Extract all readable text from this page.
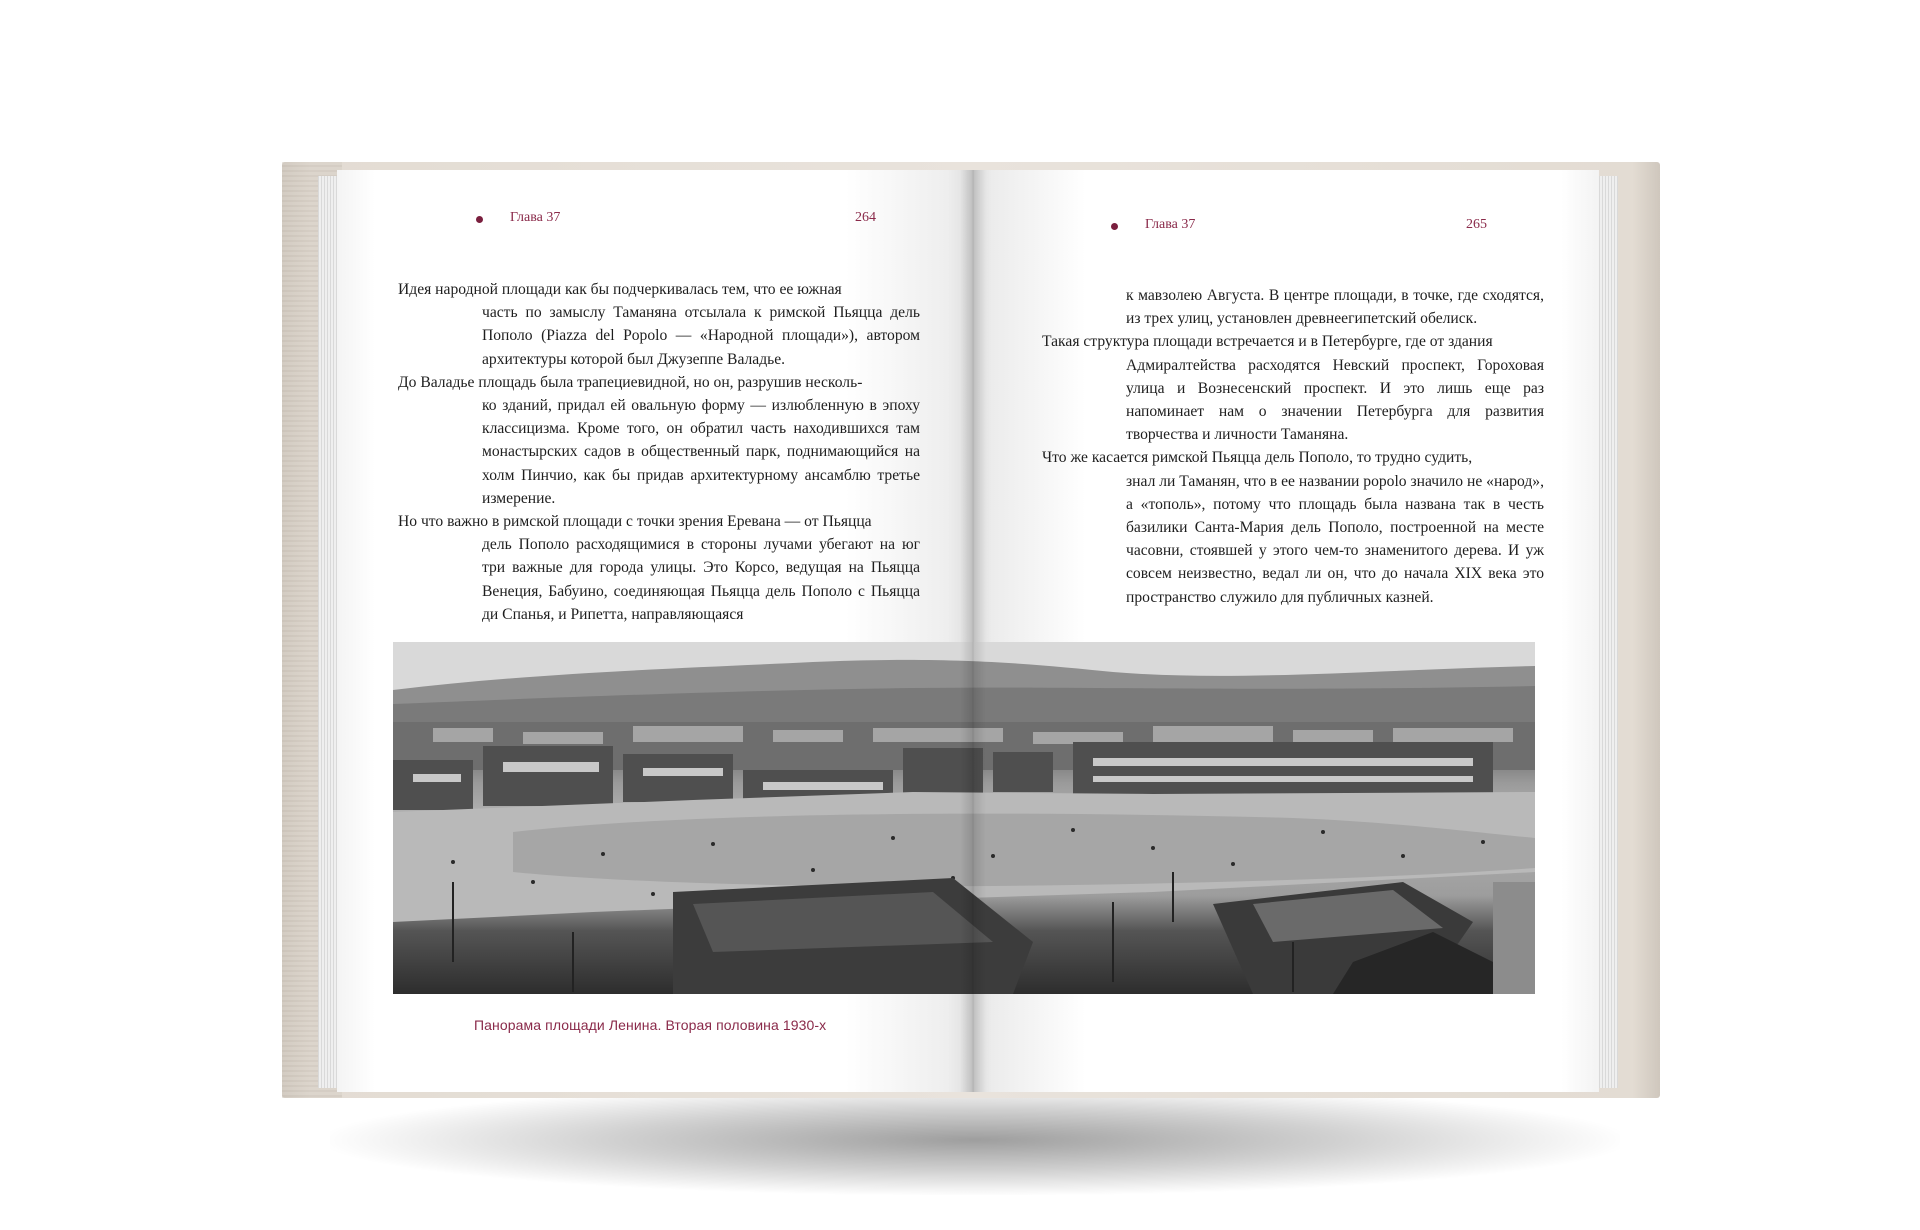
Глава 37	264	Глава 37	265

Идея народной площади как бы подчеркивалась тем, что ее южная

часть по замыслу Таманяна отсылала к римской Пьяцца дель Пополо (Piazza del Popolo — «Народной площади»), автором архитектуры которой был Джузеппе Валадье.

До Валадье площадь была трапециевидной, но он, разрушив несколь-

ко зданий, придал ей овальную форму — излюбленную в эпоху классицизма. Кроме того, он обратил часть находившихся там монастырских садов в общественный парк, поднимающийся на холм Пинчио, как бы придав архитектурному ансамблю третье измерение.

Но что важно в римской площади с точки зрения Еревана — от Пьяцца

дель Пополо расходящимися в стороны лучами убегают на юг три важные для города улицы. Это Корсо, ведущая на Пьяцца Венеция, Бабуино, соединяющая Пьяцца дель Пополо с Пьяцца ди Спанья, и Рипетта, направляющаяся

к мавзолею Августа. В центре площади, в точке, где сходятся, из трех улиц, установлен древнеегипетский обелиск.

Такая структура площади встречается и в Петербурге, где от здания

Адмиралтейства расходятся Невский проспект, Гороховая улица и Вознесенский проспект. И это лишь еще раз напоминает нам о значении Петербурга для развития творчества и личности Таманяна.

Что же касается римской Пьяцца дель Пополо, то трудно судить,

знал ли Таманян, что в ее названии popolo значило не «народ», а «тополь», потому что площадь была названа так в честь базилики Санта-Мария дель Пополо, построенной на месте часовни, стоявшей у этого чем-то знаменитого дерева. И уж совсем неизвестно, ведал ли он, что до начала XIX века это пространство служило для публичных казней.

Панорама площади Ленина. Вторая половина 1930-х
